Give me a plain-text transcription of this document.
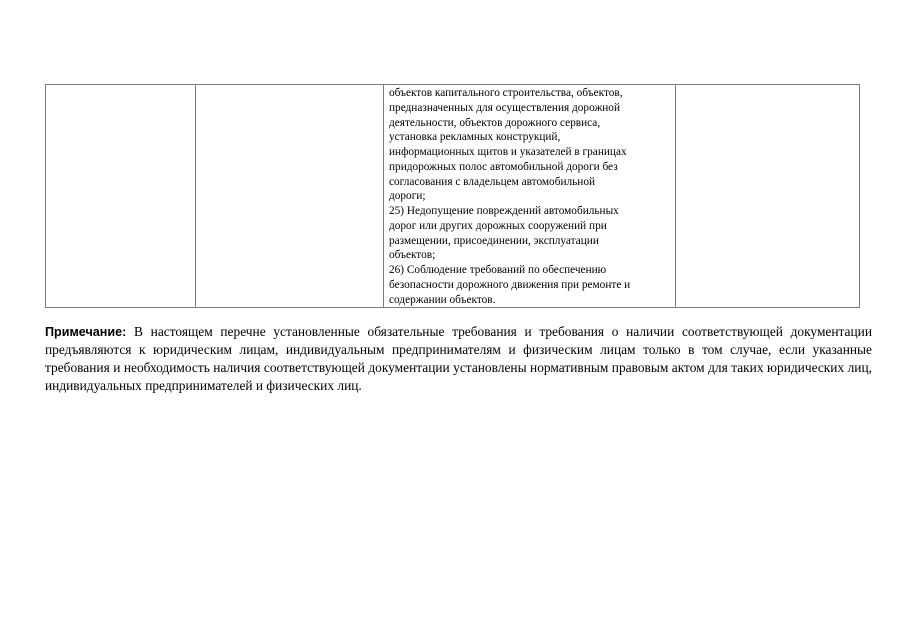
объектов капитального строительства, объектов,
предназначенных для осуществления дорожной
деятельности, объектов дорожного сервиса,
установка рекламных конструкций,
информационных щитов и указателей в границах
придорожных полос автомобильной дороги без
согласования с владельцем автомобильной
дороги;
25) Недопущение повреждений автомобильных
дорог или других дорожных сооружений при
размещении, присоединении, эксплуатации
объектов;
26) Соблюдение требований по обеспечению
безопасности дорожного движения при ремонте и
содержании объектов.

Примечание: В настоящем перечне установленные обязательные требования и требования о наличии соответствующей документации предъявляются к юридическим лицам, индивидуальным предпринимателям и физическим лицам только в том случае, если указанные требования и необходимость наличия соответствующей документации установлены нормативным правовым актом для таких юридических лиц, индивидуальных предпринимателей и физических лиц.
